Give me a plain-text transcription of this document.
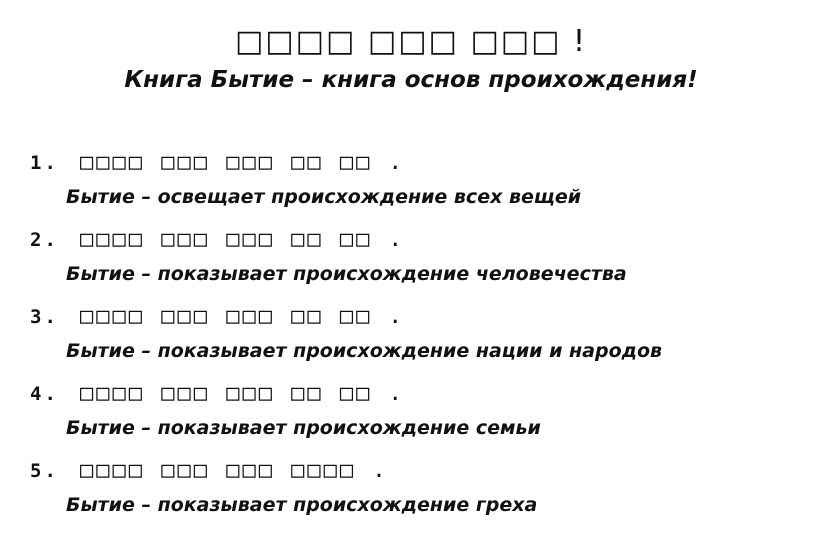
□□□□ □□□ □□□ !
Книга Бытие – книга основ проихождения!
1. □□□□ □□□ □□□ □□ □□ .
Бытие – освещает происхождение всех вещей
2. □□□□ □□□ □□□ □□ □□ .
Бытие – показывает происхождение человечества
3. □□□□ □□□ □□□ □□ □□ .
Бытие – показывает происхождение нации и народов
4. □□□□ □□□ □□□ □□ □□ .
Бытие – показывает происхождение семьи
5. □□□□ □□□ □□□ □□□□ .
Бытие – показывает происхождение греха
